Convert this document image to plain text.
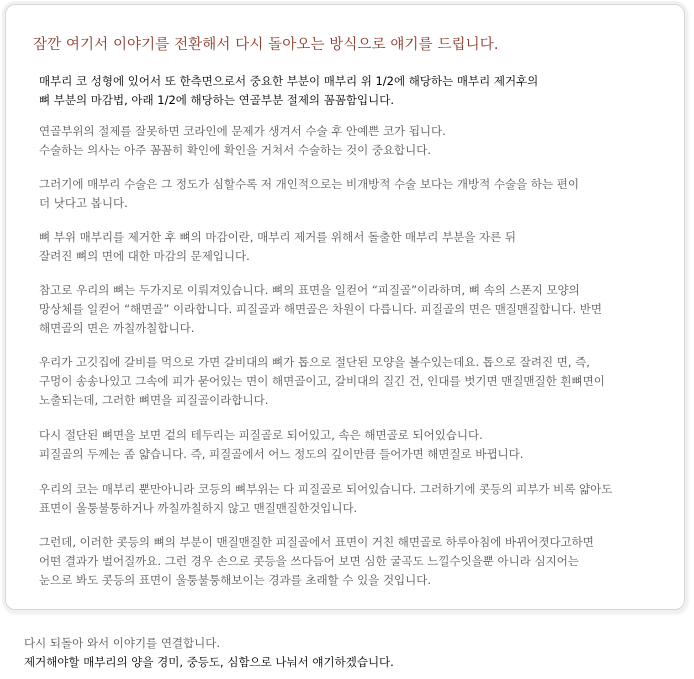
잠깐 여기서 이야기를 전환해서 다시 돌아오는 방식으로 얘기를 드립니다.

매부리 코 성형에 있어서 또 한측면으로서 중요한 부분이 매부리 위 1/2에 해당하는 매부리 제거후의
뼈 부분의 마감법, 아래 1/2에 해당하는 연골부분 절제의 꼼꼼함입니다.

연골부위의 절제를 잘못하면 코라인에 문제가 생겨서 수술 후 안예쁜 코가 됩니다.
수술하는 의사는 아주 꼼꼼히 확인에 확인을 거쳐서 수술하는 것이 중요합니다.

그러기에 매부리 수술은 그 정도가 심할수록 저 개인적으로는 비개방적 수술 보다는 개방적 수술을 하는 편이
더 낫다고 봅니다.

뼈 부위 매부리를 제거한 후 뼈의 마감이란, 매부리 제거를 위해서 돌출한 매부리 부분을 자른 뒤
잘려진 뼈의 면에 대한 마감의 문제입니다.

참고로 우리의 뼈는 두가지로 이뤄져있습니다. 뼈의 표면을 일컫어 “피질골”이라하며, 뼈 속의 스폰지 모양의
망상체를 일컫어 “해면골” 이라합니다. 피질골과 해면골은 차원이 다릅니다. 피질골의 면은 맨질맨질합니다. 반면
해면골의 면은 까칠까칠합니다.

우리가 고깃집에 갈비를 먹으로 가면 갈비대의 뼈가 톱으로 절단된 모양을 볼수있는데요. 톱으로 잘려진 면, 즉,
구멍이 송송나있고 그속에 피가 묻어있는 면이 해면골이고, 갈비대의 질긴 건, 인대를 벗기면 맨질맨질한 흰뼈면이
노출되는데, 그러한 뼈면을 피질골이라합니다.

다시 절단된 뼈면을 보면 겉의 테두리는 피질골로 되어있고, 속은 해면골로 되어있습니다.
피질골의 두께는 좀 얇습니다. 즉, 피질골에서 어느 정도의 깊이만큼 들어가면 해면질로 바뀝니다.

우리의 코는 매부리 뿐만아니라 코등의 뼈부위는 다 피질골로 되어있습니다. 그러하기에 콧등의 피부가 비록 얇아도
표면이 울퉁불퉁하거나 까칠까칠하지 않고 맨질맨질한것입니다.

그런데, 이러한 콧등의 뼈의 부분이 맨질맨질한 피질골에서 표면이 거친 해면골로 하루아침에 바뀌어졋다고하면
어떤 결과가 벌어질까요. 그런 경우 손으로 콧등을 쓰다듬어 보면 심한 굴곡도 느낄수잇을뿐 아니라 심지어는
눈으로 봐도 콧등의 표면이 울퉁불퉁해보이는 경과를 초래할 수 있을 것입니다.

다시 되돌아 와서 이야기를 연결합니다.
제거해야할 매부리의 양을 경미, 중등도, 심함으로 나눠서 얘기하겠습니다.
